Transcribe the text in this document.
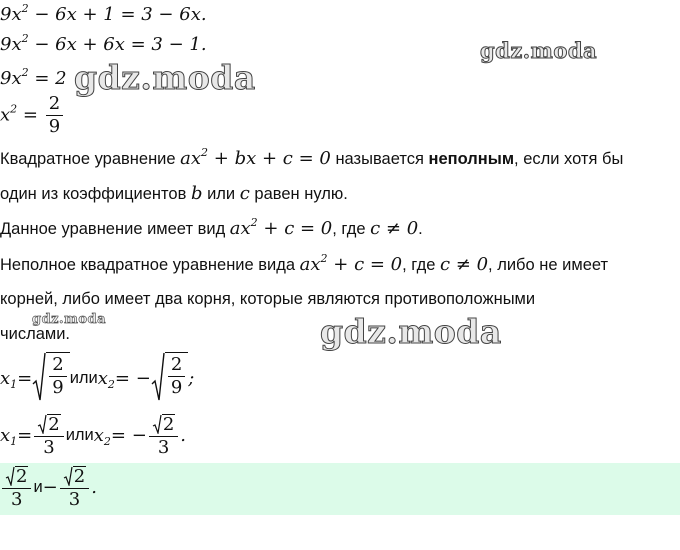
$9x^2 - 6x + 1 = 3 - 6x$.
$9x^2 - 6x + 6x = 3 - 1$.
$9x^2 = 2$
$x^2 = \frac{2}{9}$
Квадратное уравнение $ax^2$ + bx + c = 0 называется неполным, если хотя бы
один из коэффициентов b или c равен нулю.
Данное уравнение имеет вид $ax^2 + c = 0$, где c ≠ 0.
Неполное квадратное уравнение вида $ax^2 + c = 0$, где c ≠ 0, либо не имеет
корней, либо имеет два корня, которые являются противоположными
числами.
$x_1 = \frac{2}{9}$ или $x_2$ = − $\frac{2}{9}$ ;
$x_1 = \frac{2}{3}$ или $x_2$ = − $\frac{2}{3}$ .
$\frac{2}{3}$ $и - \frac{2}{3}$ .
gdz.moda
gdz.moda
gdz.moda	gdz.moda
